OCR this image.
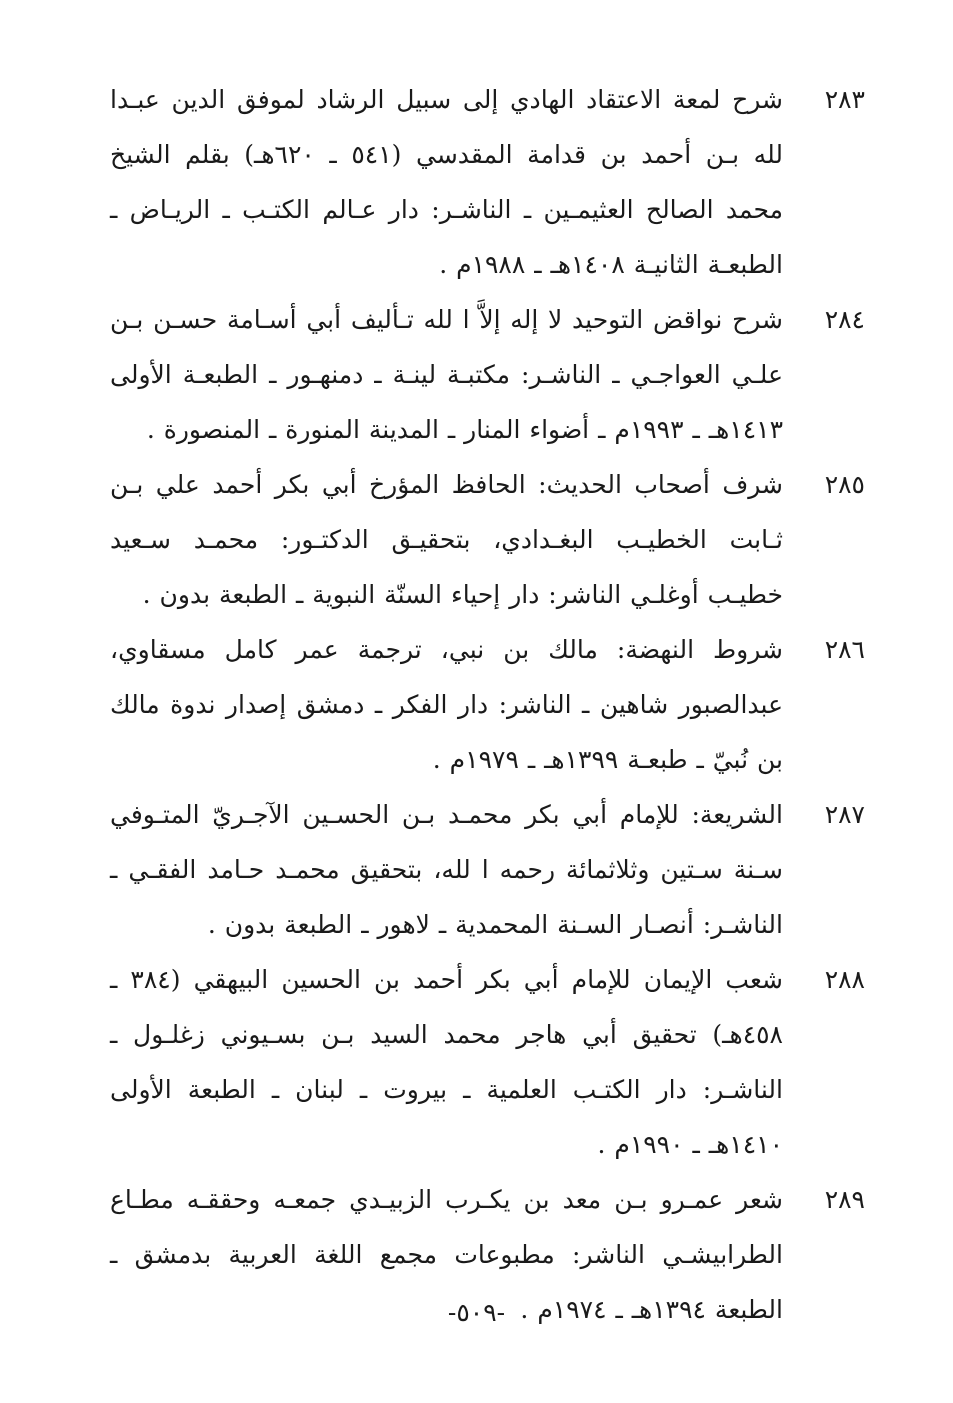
٢٨٣
شرح لمعة الاعتقاد الهادي إلى سبيل الرشاد لموفق الدين عبـدا لله بـن أحمد بن قدامة المقدسي (٥٤١ ـ ٦٢٠هـ) بقلم الشيخ محمد الصالح العثيمـين ـ الناشـر: دار عـالم الكتـب ـ الريـاض ـ الطبعـة الثانيـة ١٤٠٨هـ ـ ١٩٨٨م .
٢٨٤
شرح نواقض التوحيد لا إله إلاَّ ا لله تـأليف أبي أسـامة حسـن بـن علـي العواجـي ـ الناشـر: مكتبـة لينـة ـ دمنهـور ـ الطبعـة الأولى ١٤١٣هـ ـ ١٩٩٣م ـ أضواء المنار ـ المدينة المنورة ـ المنصورة .
٢٨٥
شرف أصحاب الحديث: الحافظ المؤرخ أبي بكر أحمد علي بـن ثـابت الخطيـب البغـدادي، بتحقيـق الدكتـور: محمـد سـعيد خطيـب أوغلـي الناشر: دار إحياء السنّة النبوية ـ الطبعة بدون .
٢٨٦
شروط النهضة: مالك بن نبي، ترجمة عمر كامل مسقاوي، عبدالصبور شاهين ـ الناشر: دار الفكر ـ دمشق إصدار ندوة مالك بن نُبيّ ـ طبعـة ١٣٩٩هـ ـ ١٩٧٩م .
٢٨٧
الشريعة: للإمام أبي بكر محمـد بـن الحسـين الآجـريّ المتـوفي سـنة سـتين وثلاثمائة رحمه ا لله، بتحقيق محمـد حـامد الفقـي ـ الناشـر: أنصـار السـنة المحمدية ـ لاهور ـ الطبعة بدون .
٢٨٨
شعب الإيمان للإمام أبي بكر أحمد بن الحسين البيهقي (٣٨٤ ـ ٤٥٨هـ) تحقيق أبي هاجر محمد السيد بـن بسـيوني زغلـول ـ الناشـر: دار الكتـب العلمية ـ بيروت ـ لبنان ـ الطبعة الأولى ١٤١٠هـ ـ ١٩٩٠م .
٢٨٩
شعر عمـرو بـن معد بن يكـرب الزبيـدي جمعـه وحققـه مطـاع الطرابيشـي الناشر: مطبوعات مجمع اللغة العربية بدمشق ـ الطبعة ١٣٩٤هـ ـ ١٩٧٤م .
-٥٠٩-
